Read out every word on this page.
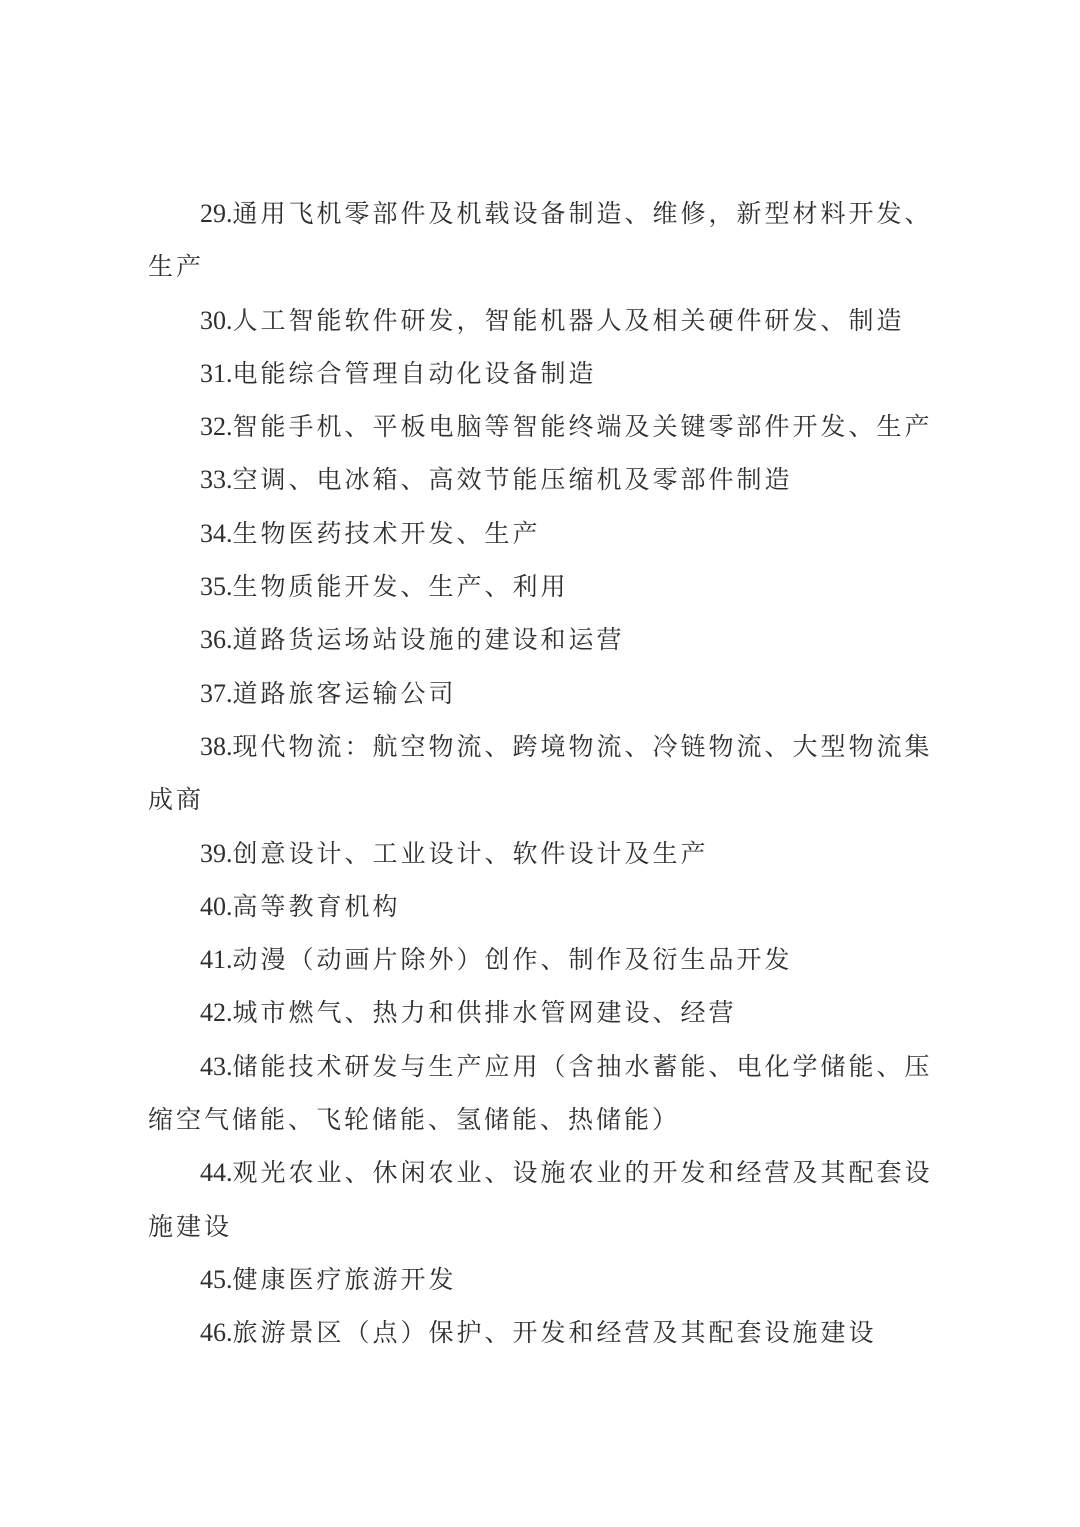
29.通用飞机零部件及机载设备制造、维修，新型材料开发、生产

30.人工智能软件研发，智能机器人及相关硬件研发、制造

31.电能综合管理自动化设备制造

32.智能手机、平板电脑等智能终端及关键零部件开发、生产

33.空调、电冰箱、高效节能压缩机及零部件制造

34.生物医药技术开发、生产

35.生物质能开发、生产、利用

36.道路货运场站设施的建设和运营

37.道路旅客运输公司

38.现代物流：航空物流、跨境物流、冷链物流、大型物流集成商

39.创意设计、工业设计、软件设计及生产

40.高等教育机构

41.动漫（动画片除外）创作、制作及衍生品开发

42.城市燃气、热力和供排水管网建设、经营

43.储能技术研发与生产应用（含抽水蓄能、电化学储能、压缩空气储能、飞轮储能、氢储能、热储能）

44.观光农业、休闲农业、设施农业的开发和经营及其配套设施建设

45.健康医疗旅游开发

46.旅游景区（点）保护、开发和经营及其配套设施建设
